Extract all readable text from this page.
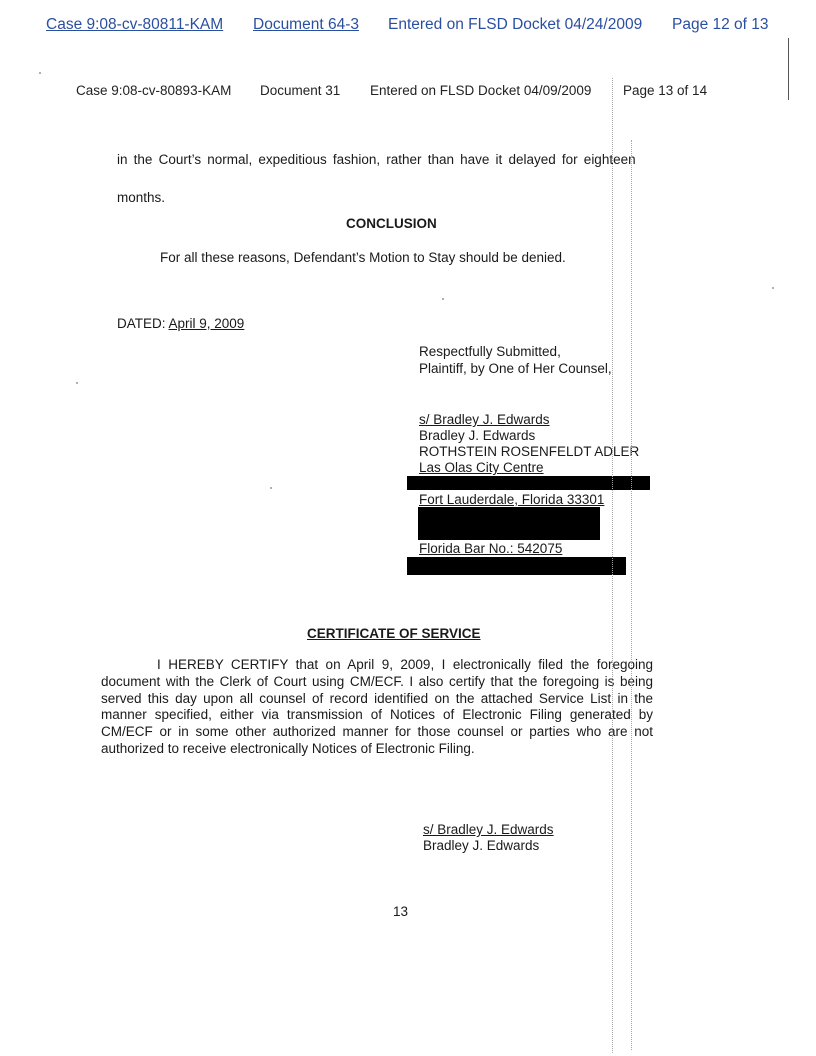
Case 9:08-cv-80811-KAM Document 64-3 Entered on FLSD Docket 04/24/2009 Page 12 of 13
Case 9:08-cv-80893-KAM Document 31 Entered on FLSD Docket 04/09/2009 Page 13 of 14
in the Court’s normal, expeditious fashion, rather than have it delayed for eighteen
months.
CONCLUSION
For all these reasons, Defendant’s Motion to Stay should be denied.
DATED: April 9, 2009
Respectfully Submitted,
Plaintiff, by One of Her Counsel,
s/ Bradley J. Edwards
Bradley J. Edwards
ROTHSTEIN ROSENFELDT ADLER
Las Olas City Centre
Fort Lauderdale, Florida 33301
Florida Bar No.: 542075
CERTIFICATE OF SERVICE
I HEREBY CERTIFY that on April 9, 2009, I electronically filed the foregoing document with the Clerk of Court using CM/ECF. I also certify that the foregoing is being served this day upon all counsel of record identified on the attached Service List in the manner specified, either via transmission of Notices of Electronic Filing generated by CM/ECF or in some other authorized manner for those counsel or parties who are not authorized to receive electronically Notices of Electronic Filing.
s/ Bradley J. Edwards
Bradley J. Edwards
13
